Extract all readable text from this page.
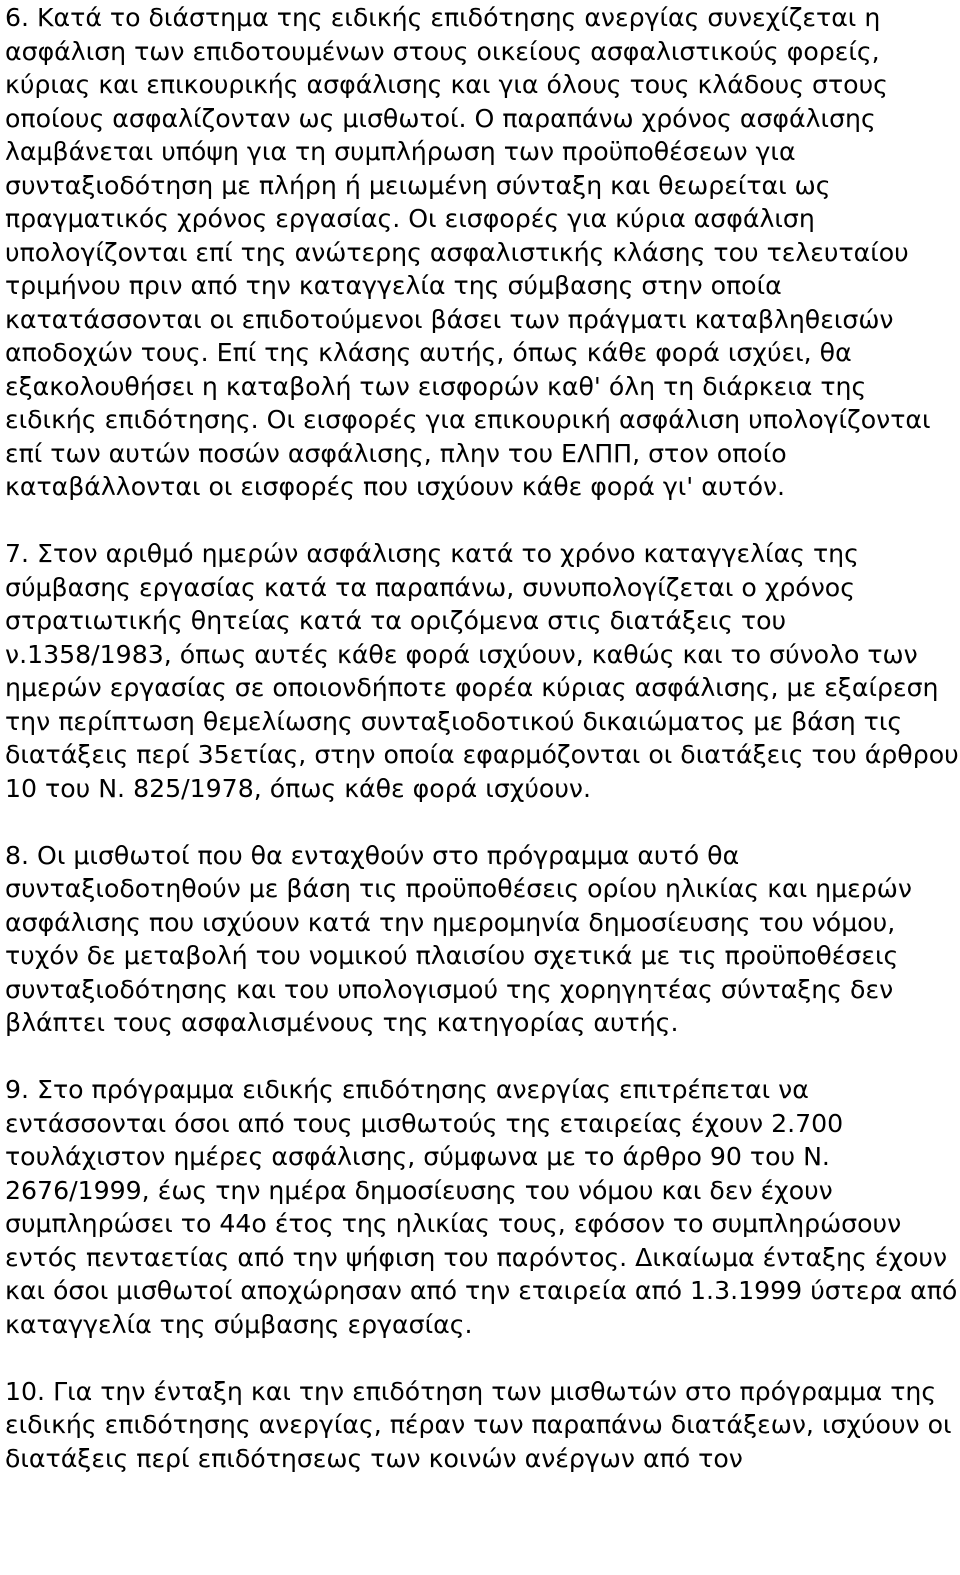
6. Κατά το διάστημα της ειδικής επιδότησης ανεργίας συνεχίζεται η ασφάλιση των επιδοτουμένων στους οικείους ασφαλιστικούς φορείς, κύριας και επικουρικής ασφάλισης και για όλους τους κλάδους στους οποίους ασφαλίζονταν ως μισθωτοί. Ο παραπάνω χρόνος ασφάλισης λαμβάνεται υπόψη για τη συμπλήρωση των προϋποθέσεων για συνταξιοδότηση με πλήρη ή μειωμένη σύνταξη και θεωρείται ως πραγματικός χρόνος εργασίας. Οι εισφορές για κύρια ασφάλιση υπολογίζονται επί της ανώτερης ασφαλιστικής κλάσης του τελευταίου τριμήνου πριν από την καταγγελία της σύμβασης στην οποία κατατάσσονται οι επιδοτούμενοι βάσει των πράγματι καταβληθεισών αποδοχών τους. Επί της κλάσης αυτής, όπως κάθε φορά ισχύει, θα εξακολουθήσει η καταβολή των εισφορών καθ' όλη τη διάρκεια της ειδικής επιδότησης. Οι εισφορές για επικουρική ασφάλιση υπολογίζονται επί των αυτών ποσών ασφάλισης, πλην του ΕΛΠΠ, στον οποίο καταβάλλονται οι εισφορές που ισχύουν κάθε φορά γι' αυτόν.

7. Στον αριθμό ημερών ασφάλισης κατά το χρόνο καταγγελίας της σύμβασης εργασίας κατά τα παραπάνω, συνυπολογίζεται ο χρόνος στρατιωτικής θητείας κατά τα οριζόμενα στις διατάξεις του ν.1358/1983, όπως αυτές κάθε φορά ισχύουν, καθώς και το σύνολο των ημερών εργασίας σε οποιονδήποτε φορέα κύριας ασφάλισης, με εξαίρεση την περίπτωση θεμελίωσης συνταξιοδοτικού δικαιώματος με βάση τις διατάξεις περί 35ετίας, στην οποία εφαρμόζονται οι διατάξεις του άρθρου 10 του Ν. 825/1978, όπως κάθε φορά ισχύουν.

8. Οι μισθωτοί που θα ενταχθούν στο πρόγραμμα αυτό θα συνταξιοδοτηθούν με βάση τις προϋποθέσεις ορίου ηλικίας και ημερών ασφάλισης που ισχύουν κατά την ημερομηνία δημοσίευσης του νόμου, τυχόν δε μεταβολή του νομικού πλαισίου σχετικά με τις προϋποθέσεις συνταξιοδότησης και του υπολογισμού της χορηγητέας σύνταξης δεν βλάπτει τους ασφαλισμένους της κατηγορίας αυτής.

9. Στο πρόγραμμα ειδικής επιδότησης ανεργίας επιτρέπεται να εντάσσονται όσοι από τους μισθωτούς της εταιρείας έχουν 2.700 τουλάχιστον ημέρες ασφάλισης, σύμφωνα με το άρθρο 90 του Ν. 2676/1999, έως την ημέρα δημοσίευσης του νόμου και δεν έχουν συμπληρώσει το 44ο έτος της ηλικίας τους, εφόσον το συμπληρώσουν εντός πενταετίας από την ψήφιση του παρόντος. Δικαίωμα ένταξης έχουν και όσοι μισθωτοί αποχώρησαν από την εταιρεία από 1.3.1999 ύστερα από καταγγελία της σύμβασης εργασίας.

10. Για την ένταξη και την επιδότηση των μισθωτών στο πρόγραμμα της ειδικής επιδότησης ανεργίας, πέραν των παραπάνω διατάξεων, ισχύουν οι διατάξεις περί επιδότησεως των κοινών ανέργων από τον
